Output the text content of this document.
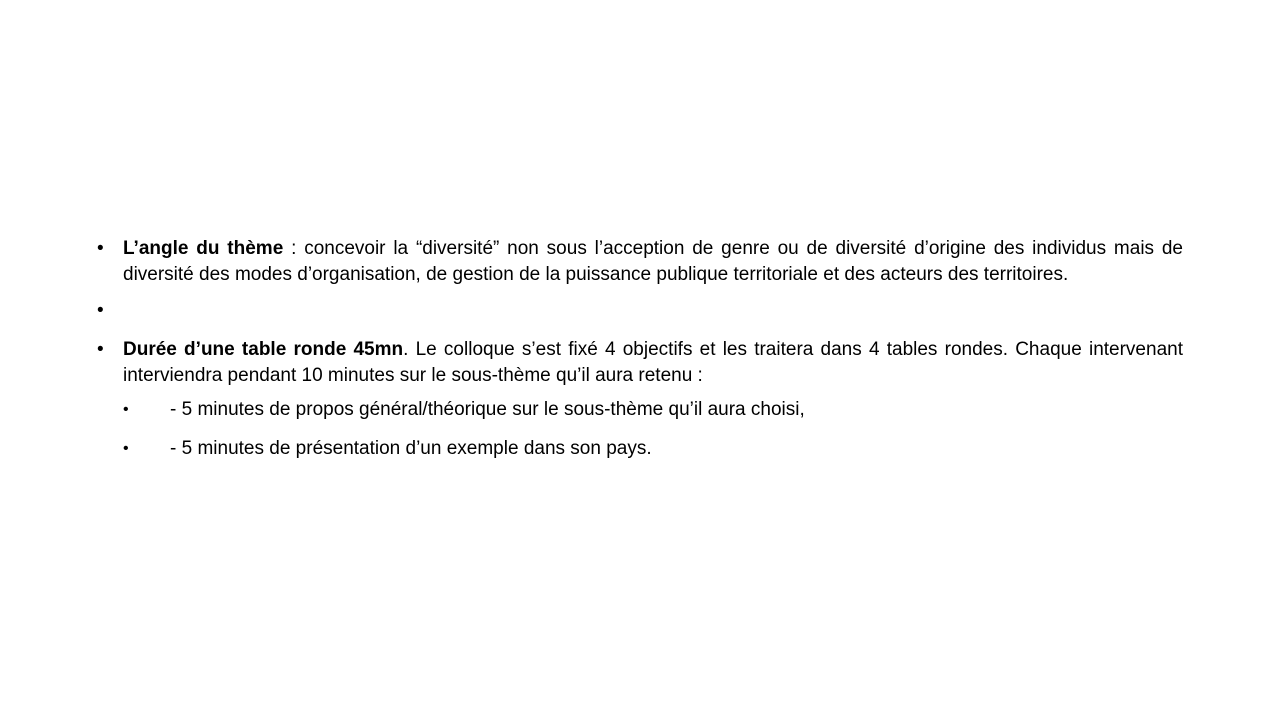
• L’angle du thème : concevoir la “diversité” non sous l’acception de genre ou de diversité d’origine des individus mais de diversité des modes d’organisation, de gestion de la puissance publique territoriale et des acteurs des territoires.
•

• Durée d’une table ronde 45mn. Le colloque s’est fixé 4 objectifs et les traitera dans 4 tables rondes. Chaque intervenant interviendra pendant 10 minutes sur le sous-thème qu’il aura retenu :
• - 5 minutes de propos général/théorique sur le sous-thème qu’il aura choisi,
• - 5 minutes de présentation d’un exemple dans son pays.
